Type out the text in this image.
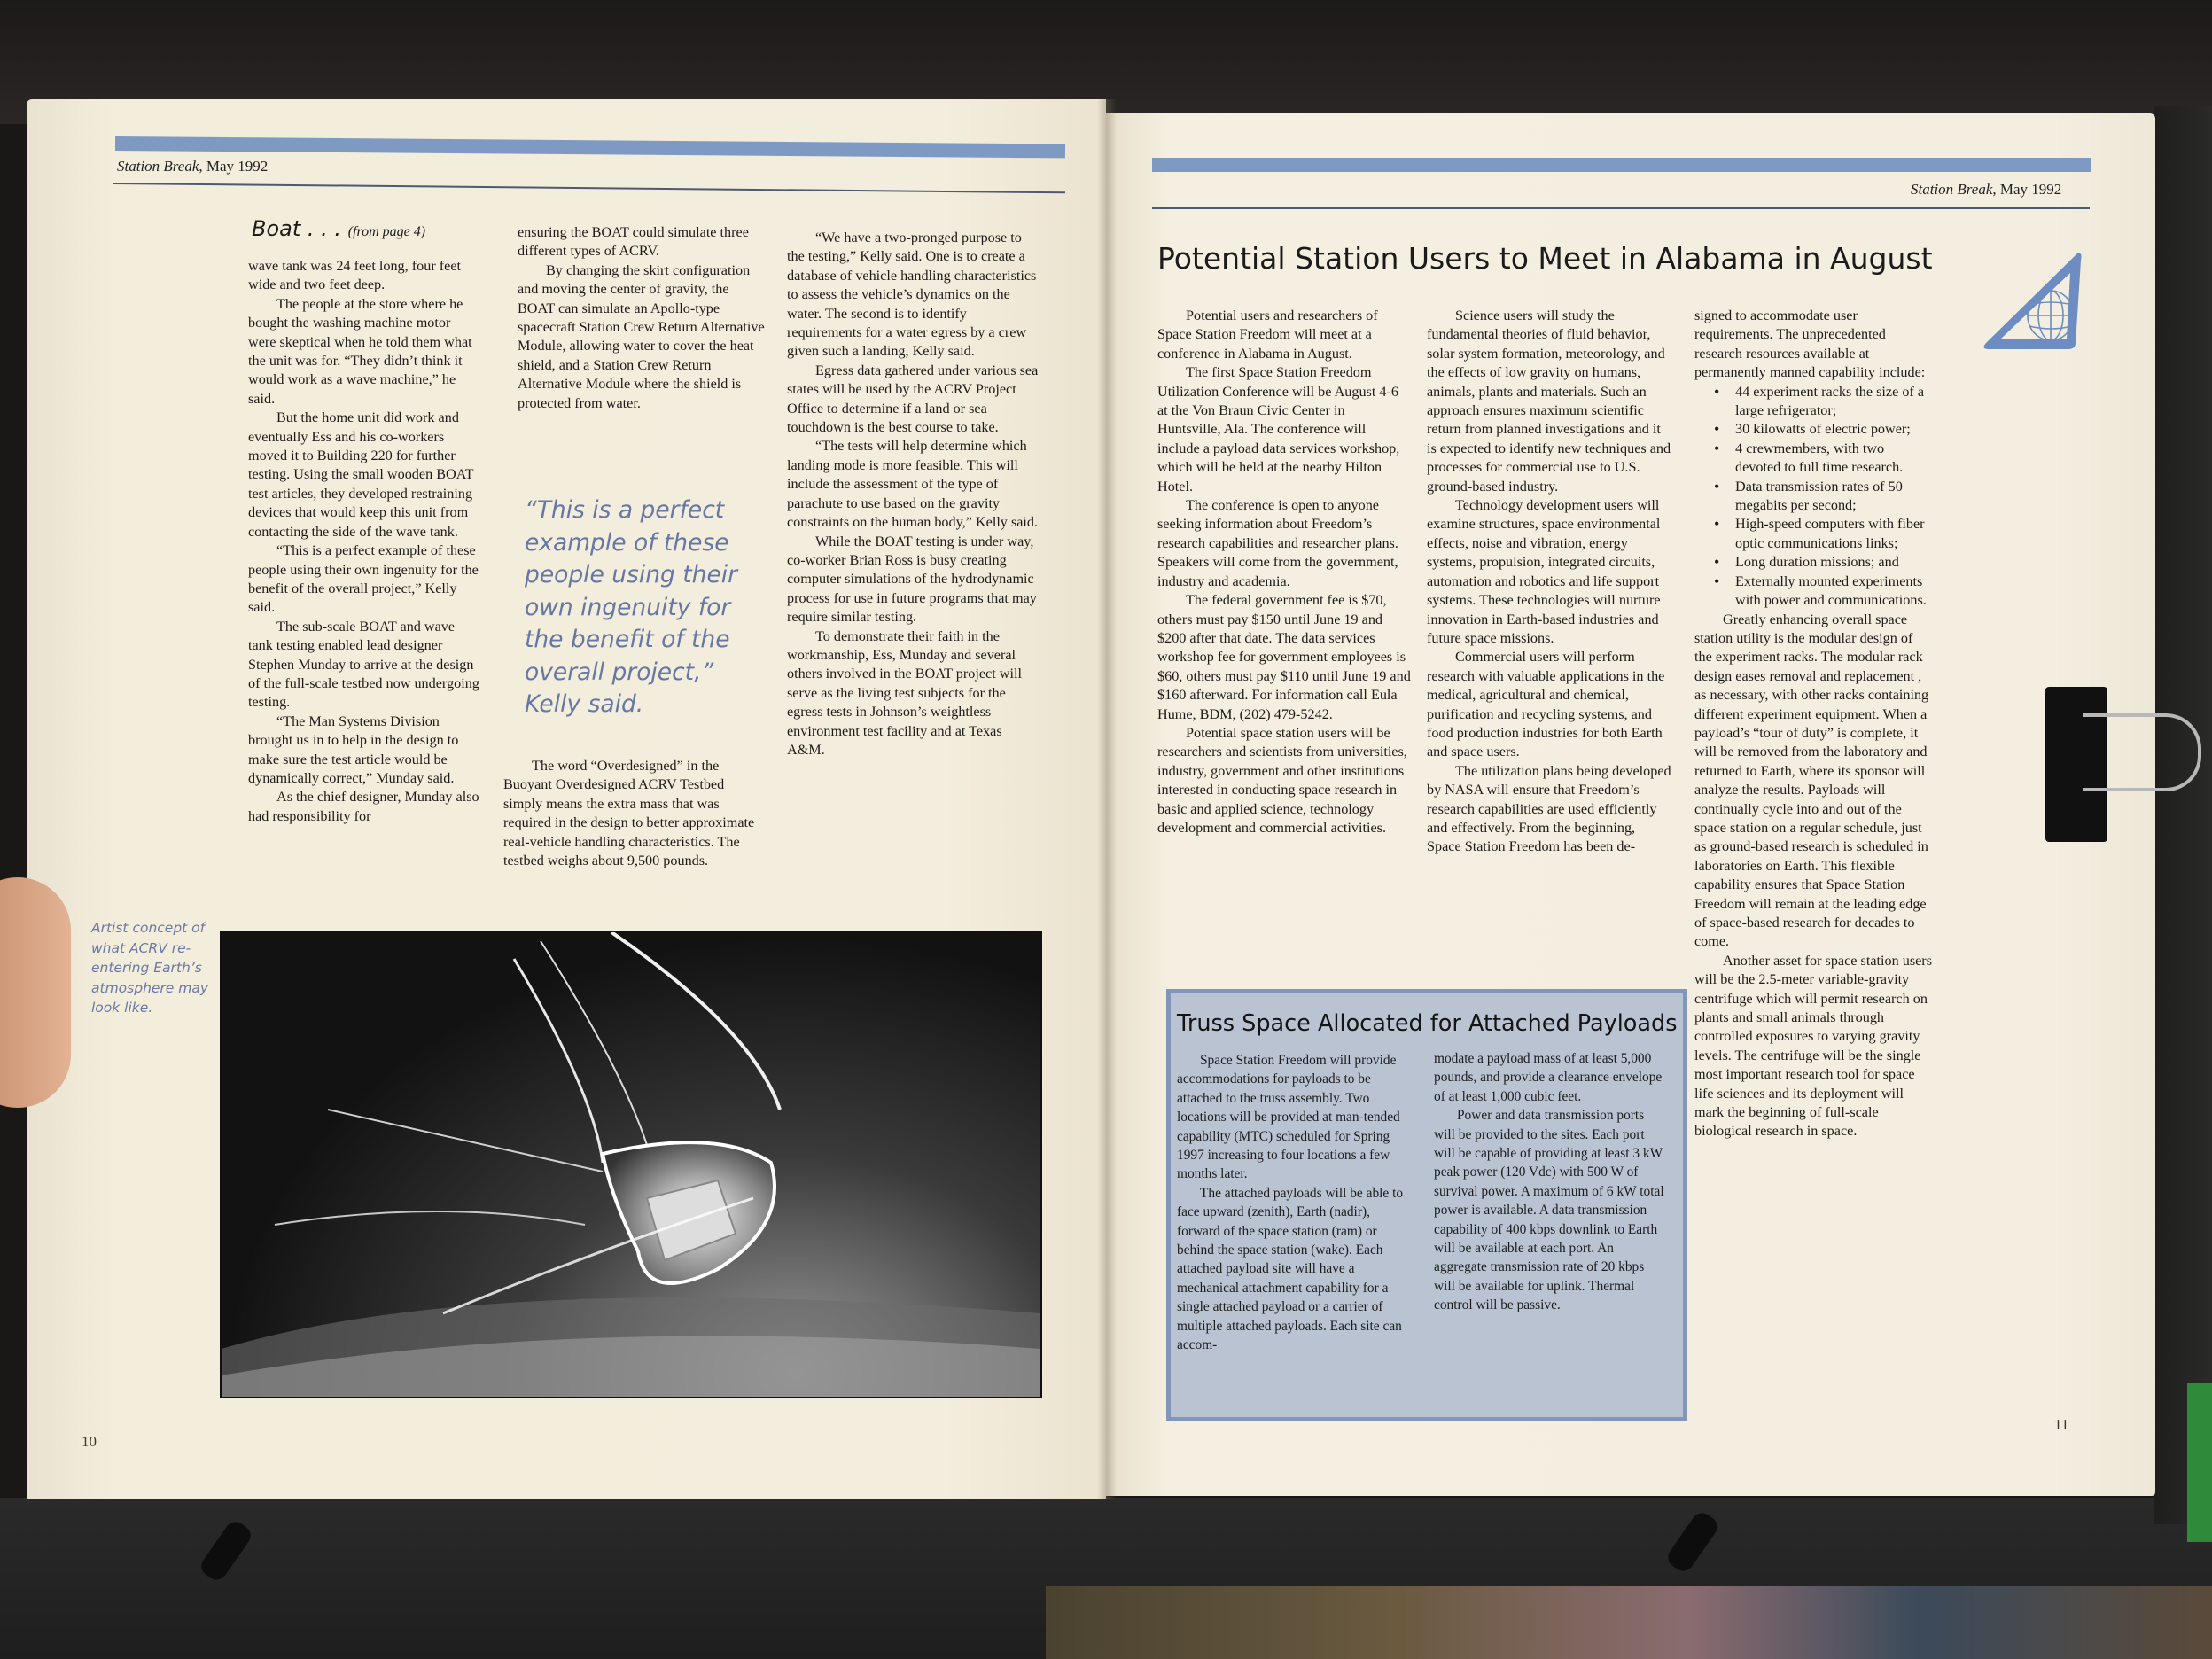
Station Break, May 1992
Boat . . . (from page 4)

wave tank was 24 feet long, four feet wide and two feet deep.

The people at the store where he bought the washing machine motor were skeptical when he told them what the unit was for. “They didn’t think it would work as a wave machine,” he said.

But the home unit did work and eventually Ess and his co-workers moved it to Building 220 for further testing. Using the small wooden BOAT test articles, they developed restraining devices that would keep this unit from contacting the side of the wave tank.

“This is a perfect example of these people using their own ingenuity for the benefit of the overall project,” Kelly said.

The sub-scale BOAT and wave tank testing enabled lead designer Stephen Munday to arrive at the design of the full-scale testbed now undergoing testing.

“The Man Systems Division brought us in to help in the design to make sure the test article would be dynamically correct,” Munday said.

As the chief designer, Munday also had responsibility for

ensuring the BOAT could simulate three different types of ACRV.

By changing the skirt configuration and moving the center of gravity, the BOAT can simulate an Apollo-type spacecraft Station Crew Return Alternative Module, allowing water to cover the heat shield, and a Station Crew Return Alternative Module where the shield is protected from water.

“This is a perfect example of these people using their own ingenuity for the benefit of the overall project,” Kelly said.

The word “Overdesigned” in the Buoyant Overdesigned ACRV Testbed simply means the extra mass that was required in the design to better approximate real-vehicle handling characteristics. The testbed weighs about 9,500 pounds.

“We have a two-pronged purpose to the testing,” Kelly said. One is to create a database of vehicle handling characteristics to assess the vehicle’s dynamics on the water. The second is to identify requirements for a water egress by a crew given such a landing, Kelly said.

Egress data gathered under various sea states will be used by the ACRV Project Office to determine if a land or sea touchdown is the best course to take.

“The tests will help determine which landing mode is more feasible. This will include the assessment of the type of parachute to use based on the gravity constraints on the human body,” Kelly said.

While the BOAT testing is under way, co-worker Brian Ross is busy creating computer simulations of the hydrodynamic process for use in future programs that may require similar testing.

To demonstrate their faith in the workmanship, Ess, Munday and several others involved in the BOAT project will serve as the living test subjects for the egress tests in Johnson’s weightless environment test facility and at Texas A&M.

Artist concept of what ACRV re-entering Earth’s atmosphere may look like.
10
Station Break, May 1992
Potential Station Users to Meet in Alabama in August

Potential users and researchers of Space Station Freedom will meet at a conference in Alabama in August.

The first Space Station Freedom Utilization Conference will be August 4-6 at the Von Braun Civic Center in Huntsville, Ala. The conference will include a payload data services workshop, which will be held at the nearby Hilton Hotel.

The conference is open to anyone seeking information about Freedom’s research capabilities and researcher plans. Speakers will come from the government, industry and academia.

The federal government fee is $70, others must pay $150 until June 19 and $200 after that date. The data services workshop fee for government employees is $60, others must pay $110 until June 19 and $160 afterward. For information call Eula Hume, BDM, (202) 479-5242.

Potential space station users will be researchers and scientists from universities, industry, government and other institutions interested in conducting space research in basic and applied science, technology development and commercial activities.

Science users will study the fundamental theories of fluid behavior, solar system formation, meteorology, and the effects of low gravity on humans, animals, plants and materials. Such an approach ensures maximum scientific return from planned investigations and it is expected to identify new techniques and processes for commercial use to U.S. ground-based industry.

Technology development users will examine structures, space environmental effects, noise and vibration, energy systems, propulsion, integrated circuits, automation and robotics and life support systems. These technologies will nurture innovation in Earth-based industries and future space missions.

Commercial users will perform research with valuable applications in the medical, agricultural and chemical, purification and recycling systems, and food production industries for both Earth and space users.

The utilization plans being developed by NASA will ensure that Freedom’s research capabilities are used efficiently and effectively. From the beginning, Space Station Freedom has been de-

signed to accommodate user requirements. The unprecedented research resources available at permanently manned capability include:

• 44 experiment racks the size of a large refrigerator;
• 30 kilowatts of electric power;
• 4 crewmembers, with two devoted to full time research.
• Data transmission rates of 50 megabits per second;
• High-speed computers with fiber optic communications links;
• Long duration missions; and
• Externally mounted experiments with power and communications.

Greatly enhancing overall space station utility is the modular design of the experiment racks. The modular rack design eases removal and replacement , as necessary, with other racks containing different experiment equipment. When a payload’s “tour of duty” is complete, it will be removed from the laboratory and returned to Earth, where its sponsor will analyze the results. Payloads will continually cycle into and out of the space station on a regular schedule, just as ground-based research is scheduled in laboratories on Earth. This flexible capability ensures that Space Station Freedom will remain at the leading edge of space-based research for decades to come.

Another asset for space station users will be the 2.5-meter variable-gravity centrifuge which will permit research on plants and small animals through controlled exposures to varying gravity levels. The centrifuge will be the single most important research tool for space life sciences and its deployment will mark the beginning of full-scale biological research in space.

Truss Space Allocated for Attached Payloads

Space Station Freedom will provide accommodations for payloads to be attached to the truss assembly. Two locations will be provided at man-tended capability (MTC) scheduled for Spring 1997 increasing to four locations a few months later.

The attached payloads will be able to face upward (zenith), Earth (nadir), forward of the space station (ram) or behind the space station (wake). Each attached payload site will have a mechanical attachment capability for a single attached payload or a carrier of multiple attached payloads. Each site can accom-

modate a payload mass of at least 5,000 pounds, and provide a clearance envelope of at least 1,000 cubic feet.

Power and data transmission ports will be provided to the sites. Each port will be capable of providing at least 3 kW peak power (120 Vdc) with 500 W of survival power. A maximum of 6 kW total power is available. A data transmission capability of 400 kbps downlink to Earth will be available at each port. An aggregate transmission rate of 20 kbps will be available for uplink. Thermal control will be passive.

11
